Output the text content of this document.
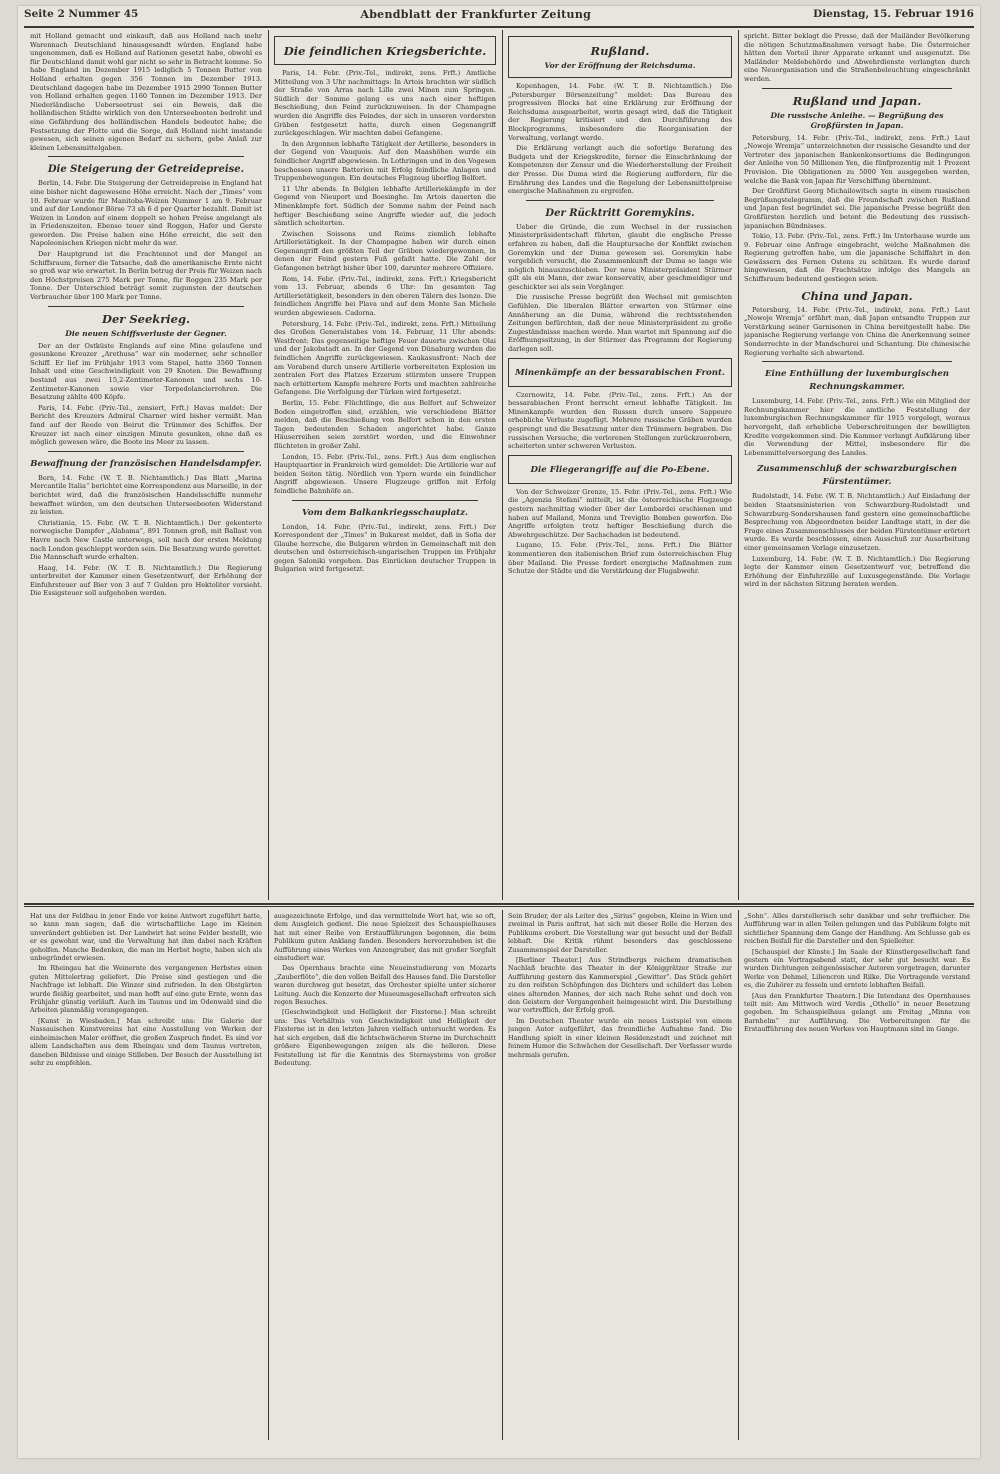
Seite 2 Nummer 45	Abendblatt der Frankfurter Zeitung	Dienstag, 15. Februar 1916

mit Holland gemacht und einkauft, daß aus Holland nach mehr Warennach Deutschland hinausgesandt würden. England habe ungenommen, daß es Holland auf Rationen gesetzt habe, obwohl es für Deutschland damit wohl gar nicht so sehr in Betracht komme. So habe England im Dezember 1915 lediglich 5 Tonnen Butter von Holland erhalten gegen 356 Tonnen im Dezember 1913. Deutschland dagegen habe im Dezember 1915 2990 Tonnen Butter von Holland erhalten gegen 1160 Tonnen im Dezember 1913. Der Niederländische Ueberseetrust sei ein Beweis, daß die holländischen Städte wirklich von den Unterseebooten bedroht und eine Gefährdung des holländischen Handels bedeutet habe; die Festsetzung der Flotte und die Sorge, daß Holland nicht imstande gewesen, sich seinen eigenen Bedarf zu sichern, gebe Anlaß zur kleinen Lebensmittelgaben.

Die Steigerung der Getreidepreise.

Berlin, 14. Febr. Die Steigerung der Getreidepreise in England hat eine bisher nicht dagewesene Höhe erreicht. Nach der „Times“ vom 10. Februar wurde für Manitoba-Weizen Nummer 1 am 9. Februar und auf der Londoner Börse 73 sh 6 d per Quarter bezahlt. Damit ist Weizen in London auf einem doppelt so hohen Preise angelangt als in Friedenszeiten. Ebenso teuer sind Roggen, Hafer und Gerste geworden. Die Preise haben eine Höhe erreicht, die seit den Napoleonischen Kriegen nicht mehr da war.

Der Hauptgrund ist die Frachtennot und der Mangel an Schiffsraum, ferner die Tatsache, daß die amerikanische Ernte nicht so groß war wie erwartet. In Berlin betrug der Preis für Weizen nach den Höchstpreisen 275 Mark per Tonne, für Roggen 235 Mark per Tonne. Der Unterschied beträgt somit zugunsten der deutschen Verbraucher über 100 Mark per Tonne.

Der Seekrieg.
Die neuen Schiffsverluste der Gegner.

Der an der Ostküste Englands auf eine Mine gelaufene und gesunkene Kreuzer „Arethusa“ war ein moderner, sehr schneller Schiff. Er lief im Frühjahr 1913 vom Stapel, hatte 3560 Tonnen Inhalt und eine Geschwindigkeit von 29 Knoten. Die Bewaffnung bestand aus zwei 15,2-Zentimeter-Kanonen und sechs 10-Zentimeter-Kanonen sowie vier Torpedolancierrohren. Die Besatzung zählte 400 Köpfe.

Paris, 14. Febr. (Priv.-Tel., zensiert, Frft.) Havas meldet: Der Bericht des Kreuzers Admiral Charner wird bisher vermißt. Man fand auf der Reede von Beirut die Trümmer des Schiffes. Der Kreuzer ist nach einer einzigen Minute gesunken, ohne daß es möglich gewesen wäre, die Boote ins Meer zu lassen.

Bewaffnung der französischen Handelsdampfer.

Bern, 14. Febr. (W. T. B. Nichtamtlich.) Das Blatt „Marina Mercantile Italia“ berichtet eine Korrespondenz aus Marseille, in der berichtet wird, daß die französischen Handelsschiffe nunmehr bewaffnet würden, um den deutschen Unterseebooten Widerstand zu leisten.

Christiania, 15. Febr. (W. T. B. Nichtamtlich.) Der gekenterte norwegische Dampfer „Alabama“, 891 Tonnen groß, mit Ballast von Havre nach New Castle unterwegs, soll nach der ersten Meldung nach London geschleppt worden sein. Die Besatzung wurde gerettet. Die Mannschaft wurde erhalten.

Haag, 14. Febr. (W. T. B. Nichtamtlich.) Die Regierung unterbreitet der Kammer einen Gesetzentwurf, der Erhöhung der Einfuhrsteuer auf Bier von 3 auf 7 Gulden pro Hektoliter vorsieht. Die Essigsteuer soll aufgehoben werden.

Die feindlichen Kriegsberichte.

Paris, 14. Febr. (Priv.-Tel., indirekt, zens. Frft.) Amtliche Mitteilung von 3 Uhr nachmittags: In Artois brachten wir südlich der Straße von Arras nach Lille zwei Minen zum Springen. Südlich der Somme gelang es uns nach einer heftigen Beschießung, den Feind zurückzuweisen. In der Champagne wurden die Angriffe des Feindes, der sich in unseren vordersten Gräben festgesetzt hatte, durch einen Gegenangriff zurückgeschlagen. Wir machten dabei Gefangene.

In den Argonnen lebhafte Tätigkeit der Artillerie, besonders in der Gegend von Vauquois. Auf den Maashöhen wurde ein feindlicher Angriff abgewiesen. In Lothringen und in den Vogesen beschossen unsere Batterien mit Erfolg feindliche Anlagen und Truppenbewegungen. Ein deutsches Flugzeug überflog Belfort.

11 Uhr abends. In Belgien lebhafte Artilleriekämpfe in der Gegend von Nieuport und Boesinghe. Im Artois dauerten die Minenkämpfe fort. Südlich der Somme nahm der Feind nach heftiger Beschießung seine Angriffe wieder auf, die jedoch sämtlich scheiterten.

Zwischen Soissons und Reims ziemlich lebhafte Artillerietätigkeit. In der Champagne haben wir durch einen Gegenangriff den größten Teil der Gräben wiedergewonnen, in denen der Feind gestern Fuß gefaßt hatte. Die Zahl der Gefangenen beträgt bisher über 100, darunter mehrere Offiziere.

Rom, 14. Febr. (Priv.-Tel., indirekt, zens. Frft.) Kriegsbericht vom 13. Februar, abends 6 Uhr: Im gesamten Tag Artillerietätigkeit, besonders in den oberen Tälern des Isonzo. Die feindlichen Angriffe bei Plava und auf dem Monte San Michele wurden abgewiesen. Cadorna.

Petersburg, 14. Febr. (Priv.-Tel., indirekt, zens. Frft.) Mitteilung des Großen Generalstabes vom 14. Februar, 11 Uhr abends: Westfront: Das gegenseitige heftige Feuer dauerte zwischen Olai und der Jakobstadt an. In der Gegend von Dünaburg wurden die feindlichen Angriffe zurückgewiesen. Kaukasusfront: Nach der am Vorabend durch unsere Artillerie vorbereiteten Explosion im zentralen Fort des Platzes Erzerum stürmten unsere Truppen nach erbittertem Kampfe mehrere Forts und machten zahlreiche Gefangene. Die Verfolgung der Türken wird fortgesetzt.

Berlin, 15. Febr. Flüchtlinge, die aus Belfort auf Schweizer Boden eingetroffen sind, erzählen, wie verschiedene Blätter melden, daß die Beschießung von Belfort schon in den ersten Tagen bedeutenden Schaden angerichtet habe. Ganze Häuserreihen seien zerstört worden, und die Einwohner flüchteten in großer Zahl.

London, 15. Febr. (Priv.-Tel., zens. Frft.) Aus dem englischen Hauptquartier in Frankreich wird gemeldet: Die Artillerie war auf beiden Seiten tätig. Nördlich von Ypern wurde ein feindlicher Angriff abgewiesen. Unsere Flugzeuge griffen mit Erfolg feindliche Bahnhöfe an.

Vom dem Balkankriegsschauplatz.

London, 14. Febr. (Priv.-Tel., indirekt, zens. Frft.) Der Korrespondent der „Times“ in Bukarest meldet, daß in Sofia der Glaube herrsche, die Bulgaren würden in Gemeinschaft mit den deutschen und österreichisch-ungarischen Truppen im Frühjahr gegen Saloniki vorgehen. Das Einrücken deutscher Truppen in Bulgarien wird fortgesetzt.

Rußland.
Vor der Eröffnung der Reichsduma.

Kopenhagen, 14. Febr. (W. T. B. Nichtamtlich.) Die „Petersburger Börsenzeitung“ meldet: Das Bureau des progressiven Blocks hat eine Erklärung zur Eröffnung der Reichsduma ausgearbeitet, worin gesagt wird, daß die Tätigkeit der Regierung kritisiert und den Durchführung des Blockprogramms, insbesondere die Reorganisation der Verwaltung, verlangt werde.

Die Erklärung verlangt auch die sofortige Beratung des Budgets und der Kriegskredite, ferner die Einschränkung der Kompetenzen der Zensur und die Wiederherstellung der Freiheit der Presse. Die Duma wird die Regierung auffordern, für die Ernährung des Landes und die Regelung der Lebensmittelpreise energische Maßnahmen zu ergreifen.

Der Rücktritt Goremykins.

Ueber die Gründe, die zum Wechsel in der russischen Ministerpräsidentschaft führten, glaubt die englische Presse erfahren zu haben, daß die Hauptursache der Konflikt zwischen Goremykin und der Duma gewesen sei. Goremykin habe vergeblich versucht, die Zusammenkunft der Duma so lange wie möglich hinauszuschieben. Der neue Ministerpräsident Stürmer gilt als ein Mann, der zwar konservativ, aber geschmeidiger und geschickter sei als sein Vorgänger.

Die russische Presse begrüßt den Wechsel mit gemischten Gefühlen. Die liberalen Blätter erwarten von Stürmer eine Annäherung an die Duma, während die rechtsstehenden Zeitungen befürchten, daß der neue Ministerpräsident zu große Zugeständnisse machen werde. Man wartet mit Spannung auf die Eröffnungssitzung, in der Stürmer das Programm der Regierung darlegen soll.

Minenkämpfe an der bessarabischen Front.

Czernowitz, 14. Febr. (Priv.-Tel., zens. Frft.) An der bessarabischen Front herrscht erneut lebhafte Tätigkeit. Im Minenkampfe wurden den Russen durch unsere Sappeure erhebliche Verluste zugefügt. Mehrere russische Gräben wurden gesprengt und die Besatzung unter den Trümmern begraben. Die russischen Versuche, die verlorenen Stellungen zurückzuerobern, scheiterten unter schweren Verlusten.

Die Fliegerangriffe auf die Po-Ebene.

Von der Schweizer Grenze, 15. Febr. (Priv.-Tel., zens. Frft.) Wie die „Agenzia Stefani“ mitteilt, ist die österreichische Flugzeuge gestern nachmittag wieder über der Lombardei erschienen und haben auf Mailand, Monza und Treviglio Bomben geworfen. Die Angriffe erfolgten trotz heftiger Beschießung durch die Abwehrgeschütze. Der Sachschaden ist bedeutend.

Lugano, 15. Febr. (Priv.-Tel., zens. Frft.) Die Blätter kommentieren den italienischen Brief zum österreichischen Flug über Mailand. Die Presse fordert energische Maßnahmen zum Schutze der Städte und die Verstärkung der Flugabwehr.

spricht. Bitter beklagt die Presse, daß der Mailänder Bevölkerung die nötigen Schutzmaßnahmen versagt habe. Die Österreicher hätten den Vorteil ihrer Apparate erkannt und ausgenutzt. Die Mailänder Meldebehörde und Abwehrdienste verlangten durch eine Neuorganisation und die Straßenbeleuchtung eingeschränkt werden.

Rußland und Japan.
Die russische Anleihe. — Begrüßung des Großfürsten in Japan.

Petersburg, 14. Febr. (Priv.-Tel., indirekt, zens. Frft.) Laut „Nowoje Wremja“ unterzeichneten der russische Gesandte und der Vertreter des japanischen Bankenkonsortiums die Bedingungen der Anleihe von 50 Millionen Yen, die fünfprozentig mit 1 Prozent Provision. Die Obligationen zu 5000 Yen ausgegeben werden, welche die Bank von Japan für Verschiffung übernimmt.

Der Großfürst Georg Michailowitsch sagte in einem russischen Begrüßungstelegramm, daß die Freundschaft zwischen Rußland und Japan fest begründet sei. Die japanische Presse begrüßt den Großfürsten herzlich und betont die Bedeutung des russisch-japanischen Bündnisses.

Tokio, 13. Febr. (Priv.-Tel., zens. Frft.) Im Unterhause wurde am 9. Februar eine Anfrage eingebracht, welche Maßnahmen die Regierung getroffen habe, um die japanische Schiffahrt in den Gewässern des Fernen Ostens zu schützen. Es wurde darauf hingewiesen, daß die Frachtsätze infolge des Mangels an Schiffsraum bedeutend gestiegen seien.

China und Japan.

Petersburg, 14. Febr. (Priv.-Tel., indirekt, zens. Frft.) Laut „Nowoje Wremja“ erfährt man, daß Japan entsandte Truppen zur Verstärkung seiner Garnisonen in China bereitgestellt habe. Die japanische Regierung verlange von China die Anerkennung seiner Sonderrechte in der Mandschurei und Schantung. Die chinesische Regierung verhalte sich abwartend.

Eine Enthüllung der luxemburgischen Rechnungskammer.

Luxemburg, 14. Febr. (Priv.-Tel., zens. Frft.) Wie ein Mitglied der Rechnungskammer hier die amtliche Feststellung der luxemburgischen Rechnungskammer für 1915 vorgelegt, woraus hervorgeht, daß erhebliche Ueberschreitungen der bewilligten Kredite vorgekommen sind. Die Kammer verlangt Aufklärung über die Verwendung der Mittel, insbesondere für die Lebensmittelversorgung des Landes.

Zusammenschluß der schwarzburgischen Fürstentümer.

Rudolstadt, 14. Febr. (W. T. B. Nichtamtlich.) Auf Einladung der beiden Staatsministerien von Schwarzburg-Rudolstadt und Schwarzburg-Sondershausen fand gestern eine gemeinschaftliche Besprechung von Abgeordneten beider Landtage statt, in der die Frage eines Zusammenschlusses der beiden Fürstentümer erörtert wurde. Es wurde beschlossen, einen Ausschuß zur Ausarbeitung einer gemeinsamen Vorlage einzusetzen.

Luxemburg, 14. Febr. (W. T. B. Nichtamtlich.) Die Regierung legte der Kammer einen Gesetzentwurf vor, betreffend die Erhöhung der Einfuhrzölle auf Luxusgegenstände. Die Vorlage wird in der nächsten Sitzung beraten werden.

Hat uns der Feldbau in jener Ende vor keine Antwort zugeführt hatte, so kann man sagen, daß die wirtschaftliche Lage im Kleinen unverändert geblieben ist. Der Landwirt hat seine Felder bestellt, wie er es gewohnt war, und die Verwaltung hat ihm dabei nach Kräften geholfen. Manche Bedenken, die man im Herbst hegte, haben sich als unbegründet erwiesen.

Im Rheingau hat die Weinernte des vergangenen Herbstes einen guten Mittelertrag geliefert. Die Preise sind gestiegen und die Nachfrage ist lebhaft. Die Winzer sind zufrieden. In den Obstgärten wurde fleißig gearbeitet, und man hofft auf eine gute Ernte, wenn das Frühjahr günstig verläuft. Auch im Taunus und im Odenwald sind die Arbeiten planmäßig vorangegangen.

[Kunst in Wiesbaden.] Man schreibt uns: Die Galerie der Nassauischen Kunstvereins hat eine Ausstellung von Werken der einheimischen Maler eröffnet, die großen Zuspruch findet. Es sind vor allem Landschaften aus dem Rheingau und dem Taunus vertreten, daneben Bildnisse und einige Stilleben. Der Besuch der Ausstellung ist sehr zu empfehlen.

ausgezeichnete Erfolge, und das vermittelnde Wort hat, wie so oft, dem Ausgleich gedient. Die neue Spielzeit des Schauspielhauses hat mit einer Reihe von Erstaufführungen begonnen, die beim Publikum guten Anklang fanden. Besonders hervorzuheben ist die Aufführung eines Werkes von Anzengruber, das mit großer Sorgfalt einstudiert war.

Das Opernhaus brachte eine Neueinstudierung von Mozarts „Zauberflöte“, die den vollen Beifall des Hauses fand. Die Darsteller waren durchweg gut besetzt, das Orchester spielte unter sicherer Leitung. Auch die Konzerte der Museumsgesellschaft erfreuten sich regen Besuches.

[Geschwindigkeit und Helligkeit der Fixsterne.] Man schreibt uns: Das Verhältnis von Geschwindigkeit und Helligkeit der Fixsterne ist in den letzten Jahren vielfach untersucht worden. Es hat sich ergeben, daß die lichtschwächeren Sterne im Durchschnitt größere Eigenbewegungen zeigen als die helleren. Diese Feststellung ist für die Kenntnis des Sternsystems von großer Bedeutung.

Sein Bruder, der als Leiter des „Sirius“ gegeben, Kleine in Wien und zweimal in Paris auftrat, hat sich mit dieser Rolle die Herzen des Publikums erobert. Die Vorstellung war gut besucht und der Beifall lebhaft. Die Kritik rühmt besonders das geschlossene Zusammenspiel der Darsteller.

[Berliner Theater.] Aus Strindbergs reichem dramatischen Nachlaß brachte das Theater in der Königgrätzer Straße zur Aufführung gestern das Kammerspiel „Gewitter“. Das Stück gehört zu den reifsten Schöpfungen des Dichters und schildert das Leben eines alternden Mannes, der sich nach Ruhe sehnt und doch von den Geistern der Vergangenheit heimgesucht wird. Die Darstellung war vortrefflich, der Erfolg groß.

Im Deutschen Theater wurde ein neues Lustspiel von einem jungen Autor aufgeführt, das freundliche Aufnahme fand. Die Handlung spielt in einer kleinen Residenzstadt und zeichnet mit feinem Humor die Schwächen der Gesellschaft. Der Verfasser wurde mehrmals gerufen.

„Sohn“. Alles darstellerisch sehr dankbar und sehr treffsicher. Die Aufführung war in allen Teilen gelungen und das Publikum folgte mit sichtlicher Spannung dem Gange der Handlung. Am Schlusse gab es reichen Beifall für die Darsteller und den Spielleiter.

[Schauspiel der Künste.] Im Saale der Künstlergesellschaft fand gestern ein Vortragsabend statt, der sehr gut besucht war. Es wurden Dichtungen zeitgenössischer Autoren vorgetragen, darunter Werke von Dehmel, Liliencron und Rilke. Die Vortragende verstand es, die Zuhörer zu fesseln und erntete lebhaften Beifall.

[Aus den Frankfurter Theatern.] Die Intendanz des Opernhauses teilt mit: Am Mittwoch wird Verdis „Othello“ in neuer Besetzung gegeben. Im Schauspielhaus gelangt am Freitag „Minna von Barnhelm“ zur Aufführung. Die Vorbereitungen für die Erstaufführung des neuen Werkes von Hauptmann sind im Gange.
